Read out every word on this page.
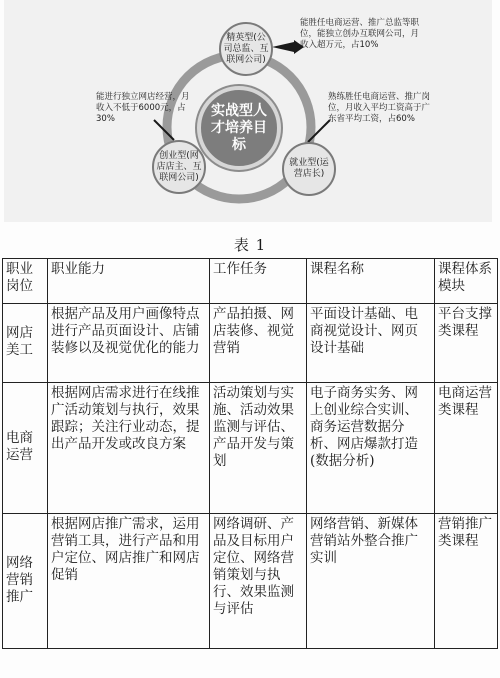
实战型人才培养目标
精英型(公司总监、互联网公司)
就业型(运营店长)
创业型(网店店主、互联网公司)
能胜任电商运营、推广总监等职位，能独立创办互联网公司，月收入超万元，占10%
熟练胜任电商运营、推广岗位，月收入平均工资高于广东省平均工资，占60%
能进行独立网店经营，月收入不低于6000元，占30%
表 1
职业岗位	职业能力	工作任务	课程名称	课程体系模块
网店美工	根据产品及用户画像特点进行产品页面设计、店铺装修以及视觉优化的能力	产品拍摄、网店装修、视觉营销	平面设计基础、电商视觉设计、网页设计基础	平台支撑类课程
电商运营	根据网店需求进行在线推广活动策划与执行，效果跟踪；关注行业动态，提出产品开发或改良方案	活动策划与实施、活动效果监测与评估、产品开发与策划	电子商务实务、网上创业综合实训、商务运营数据分析、网店爆款打造(数据分析)	电商运营类课程
网络营销推广	根据网店推广需求，运用营销工具，进行产品和用户定位、网店推广和网店促销	网络调研、产品及目标用户定位、网络营销策划与执行、效果监测与评估	网络营销、新媒体营销站外整合推广实训	营销推广类课程
